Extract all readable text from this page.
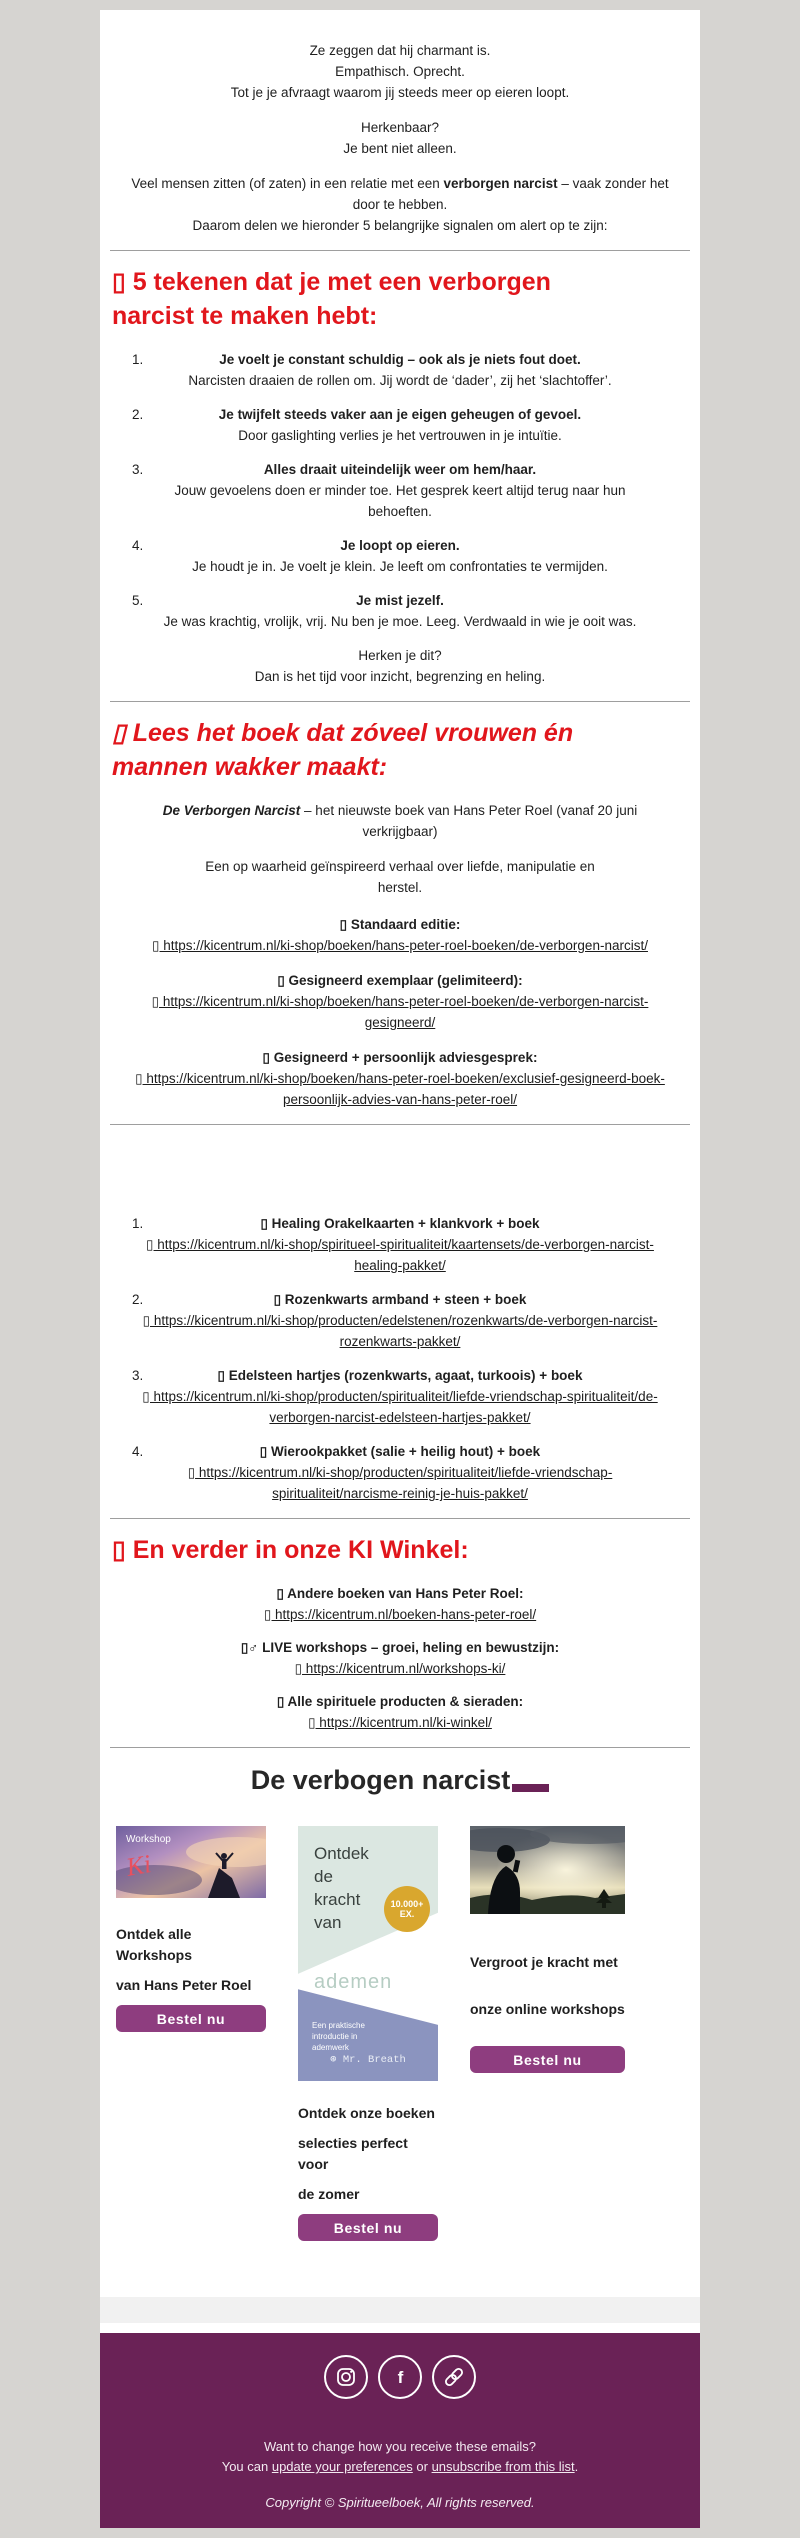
Ze zeggen dat hij charmant is.
Empathisch. Oprecht.
Tot je je afvraagt waarom jij steeds meer op eieren loopt.
Herkenbaar?
Je bent niet alleen.
Veel mensen zitten (of zaten) in een relatie met een verborgen narcist – vaak zonder het door te hebben.
Daarom delen we hieronder 5 belangrijke signalen om alert op te zijn:
▯ 5 tekenen dat je met een verborgen
narcist te maken hebt:
1.	Je voelt je constant schuldig – ook als je niets fout doet.
Narcisten draaien de rollen om. Jij wordt de ‘dader’, zij het ‘slachtoffer’.
2.	Je twijfelt steeds vaker aan je eigen geheugen of gevoel.
Door gaslighting verlies je het vertrouwen in je intuïtie.
3.	Alles draait uiteindelijk weer om hem/haar.
Jouw gevoelens doen er minder toe. Het gesprek keert altijd terug naar hun behoeften.
4.	Je loopt op eieren.
Je houdt je in. Je voelt je klein. Je leeft om confrontaties te vermijden.
5.	Je mist jezelf.
Je was krachtig, vrolijk, vrij. Nu ben je moe. Leeg. Verdwaald in wie je ooit was.
Herken je dit?
Dan is het tijd voor inzicht, begrenzing en heling.
▯ Lees het boek dat zóveel vrouwen én
mannen wakker maakt:
De Verborgen Narcist – het nieuwste boek van Hans Peter Roel (vanaf 20 juni verkrijgbaar)
Een op waarheid geïnspireerd verhaal over liefde, manipulatie en
herstel.
▯ Standaard editie:
▯ https://kicentrum.nl/ki-shop/boeken/hans-peter-roel-boeken/de-verborgen-narcist/
▯ Gesigneerd exemplaar (gelimiteerd):
▯ https://kicentrum.nl/ki-shop/boeken/hans-peter-roel-boeken/de-verborgen-narcist-gesigneerd/
▯ Gesigneerd + persoonlijk adviesgesprek:
▯ https://kicentrum.nl/ki-shop/boeken/hans-peter-roel-boeken/exclusief-gesigneerd-boek-persoonlijk-advies-van-hans-peter-roel/
1.	▯ Healing Orakelkaarten + klankvork + boek
▯ https://kicentrum.nl/ki-shop/spiritueel-spiritualiteit/kaartensets/de-verborgen-narcist-healing-pakket/
2.	▯ Rozenkwarts armband + steen + boek
▯ https://kicentrum.nl/ki-shop/producten/edelstenen/rozenkwarts/de-verborgen-narcist-rozenkwarts-pakket/
3.	▯ Edelsteen hartjes (rozenkwarts, agaat, turkoois) + boek
▯ https://kicentrum.nl/ki-shop/producten/spiritualiteit/liefde-vriendschap-spiritualiteit/de-verborgen-narcist-edelsteen-hartjes-pakket/
4.	▯ Wierookpakket (salie + heilig hout) + boek
▯ https://kicentrum.nl/ki-shop/producten/spiritualiteit/liefde-vriendschap-spiritualiteit/narcisme-reinig-je-huis-pakket/
▯ En verder in onze KI Winkel:
▯ Andere boeken van Hans Peter Roel:
▯ https://kicentrum.nl/boeken-hans-peter-roel/
▯♂ LIVE workshops – groei, heling en bewustzijn:
▯ https://kicentrum.nl/workshops-ki/
▯ Alle spirituele producten & sieraden:
▯ https://kicentrum.nl/ki-winkel/
De verbogen narcist
Workshop
Ki

Ontdek alle Workshops

van Hans Peter Roel

Bestel nu
Ontdek
de
kracht
van
ademen
10.000+
EX.
Een praktische
introductie in
ademwerk
⊛ Mr. Breath

Ontdek onze boeken

selecties perfect voor

de zomer

Bestel nu

Vergroot je kracht met

onze online workshops

Bestel nu
f
Want to change how you receive these emails?
You can update your preferences or unsubscribe from this list.
Copyright © Spiritueelboek, All rights reserved.
